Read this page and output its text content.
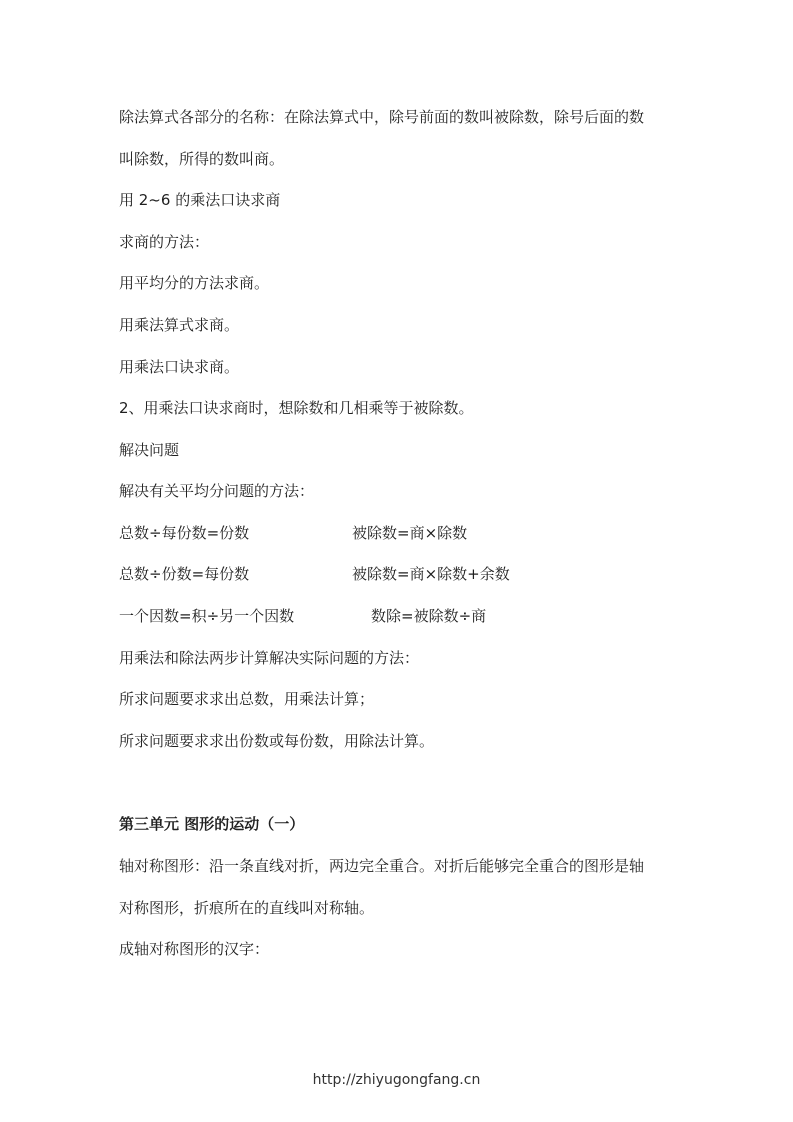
除法算式各部分的名称：在除法算式中，除号前面的数叫被除数，除号后面的数
叫除数，所得的数叫商。
用 2~6 的乘法口诀求商
求商的方法：
用平均分的方法求商。
用乘法算式求商。
用乘法口诀求商。
2、用乘法口诀求商时，想除数和几相乘等于被除数。
解决问题
解决有关平均分问题的方法：
总数÷每份数=份数	被除数=商×除数
总数÷份数=每份数	被除数=商×除数+余数
一个因数=积÷另一个因数	数除=被除数÷商
用乘法和除法两步计算解决实际问题的方法：
所求问题要求求出总数，用乘法计算；
所求问题要求求出份数或每份数，用除法计算。
第三单元 图形的运动（一）
轴对称图形：沿一条直线对折，两边完全重合。对折后能够完全重合的图形是轴
对称图形，折痕所在的直线叫对称轴。
成轴对称图形的汉字：
http://zhiyugongfang.cn
